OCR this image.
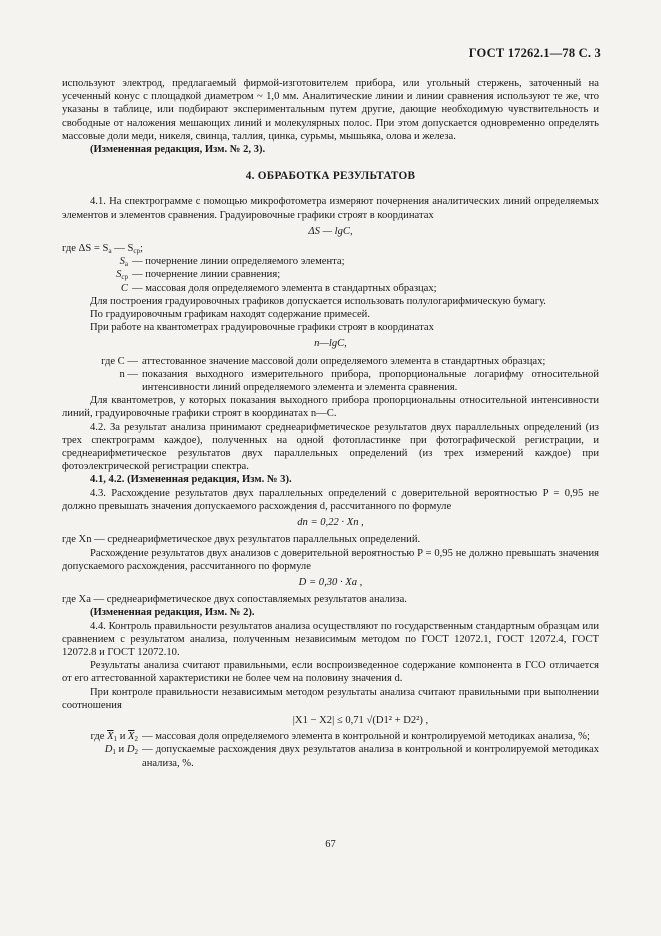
ГОСТ 17262.1—78 С. 3

используют электрод, предлагаемый фирмой-изготовителем прибора, или угольный стержень, заточенный на усеченный конус с площадкой диаметром ~ 1,0 мм. Аналитические линии и линии сравнения используют те же, что указаны в таблице, или подбирают экспериментальным путем другие, дающие необходимую чувствительность и свободные от наложения мешающих линий и молекулярных полос. При этом допускается одновременно определять массовые доли меди, никеля, свинца, таллия, цинка, сурьмы, мышьяка, олова и железа.

(Измененная редакция, Изм. № 2, 3).

4. ОБРАБОТКА РЕЗУЛЬТАТОВ

4.1. На спектрограмме с помощью микрофотометра измеряют почернения аналитических линий определяемых элементов и элементов сравнения. Градуировочные графики строят в координатах

ΔS — lgC,

где $\Delta S = S_a$ — $S_{ср}$;

$S_a$ — почернение линии определяемого элемента;
$S_{ср}$ — почернение линии сравнения;
C — массовая доля определяемого элемента в стандартных образцах;

Для построения градуировочных графиков допускается использовать полулогарифмическую бумагу.

По градуировочным графикам находят содержание примесей.

При работе на квантометрах градуировочные графики строят в координатах

n—lgC,
где C — аттестованное значение массовой доли определяемого элемента в стандартных образцах;
n — показания выходного измерительного прибора, пропорциональные логарифму относительной интенсивности линий определяемого элемента и элемента сравнения.

Для квантометров, у которых показания выходного прибора пропорциональны относительной интенсивности линий, градуировочные графики строят в координатах n—C.

4.2. За результат анализа принимают среднеарифметическое результатов двух параллельных определений (из трех спектрограмм каждое), полученных на одной фотопластинке при фотографической регистрации, и среднеарифметическое результатов двух параллельных определений (из трех измерений каждое) при фотоэлектрической регистрации спектра.

4.1, 4.2. (Измененная редакция, Изм. № 3).

4.3. Расхождение результатов двух параллельных определений с доверительной вероятностью P = 0,95 не должно превышать значения допускаемого расхождения d, рассчитанного по формуле

dn = 0,22 · Xn ,

где Xn — среднеарифметическое двух результатов параллельных определений.

Расхождение результатов двух анализов с доверительной вероятностью P = 0,95 не должно превышать значения допускаемого расхождения, рассчитанного по формуле

D = 0,30 · Xa ,

где Xa — среднеарифметическое двух сопоставляемых результатов анализа.

(Измененная редакция, Изм. № 2).

4.4. Контроль правильности результатов анализа осуществляют по государственным стандартным образцам или сравнением с результатом анализа, полученным независимым методом по ГОСТ 12072.1, ГОСТ 12072.4, ГОСТ 12072.8 и ГОСТ 12072.10.

Результаты анализа считают правильными, если воспроизведенное содержание компонента в ГСО отличается от его аттестованной характеристики не более чем на половину значения d.

При контроле правильности независимым методом результаты анализа считают правильными при выполнении соотношения

|X1 − X2| ≤ 0,71 √(D1² + D2²) ,
где $\overline{X}_1$ и $\overline{X}_2$ — массовая доля определяемого элемента в контрольной и контролируемой методиках анализа, %;
$D_1$ и $D_2$ — допускаемые расхождения двух результатов анализа в контрольной и контролируемой методиках анализа, %.
67
